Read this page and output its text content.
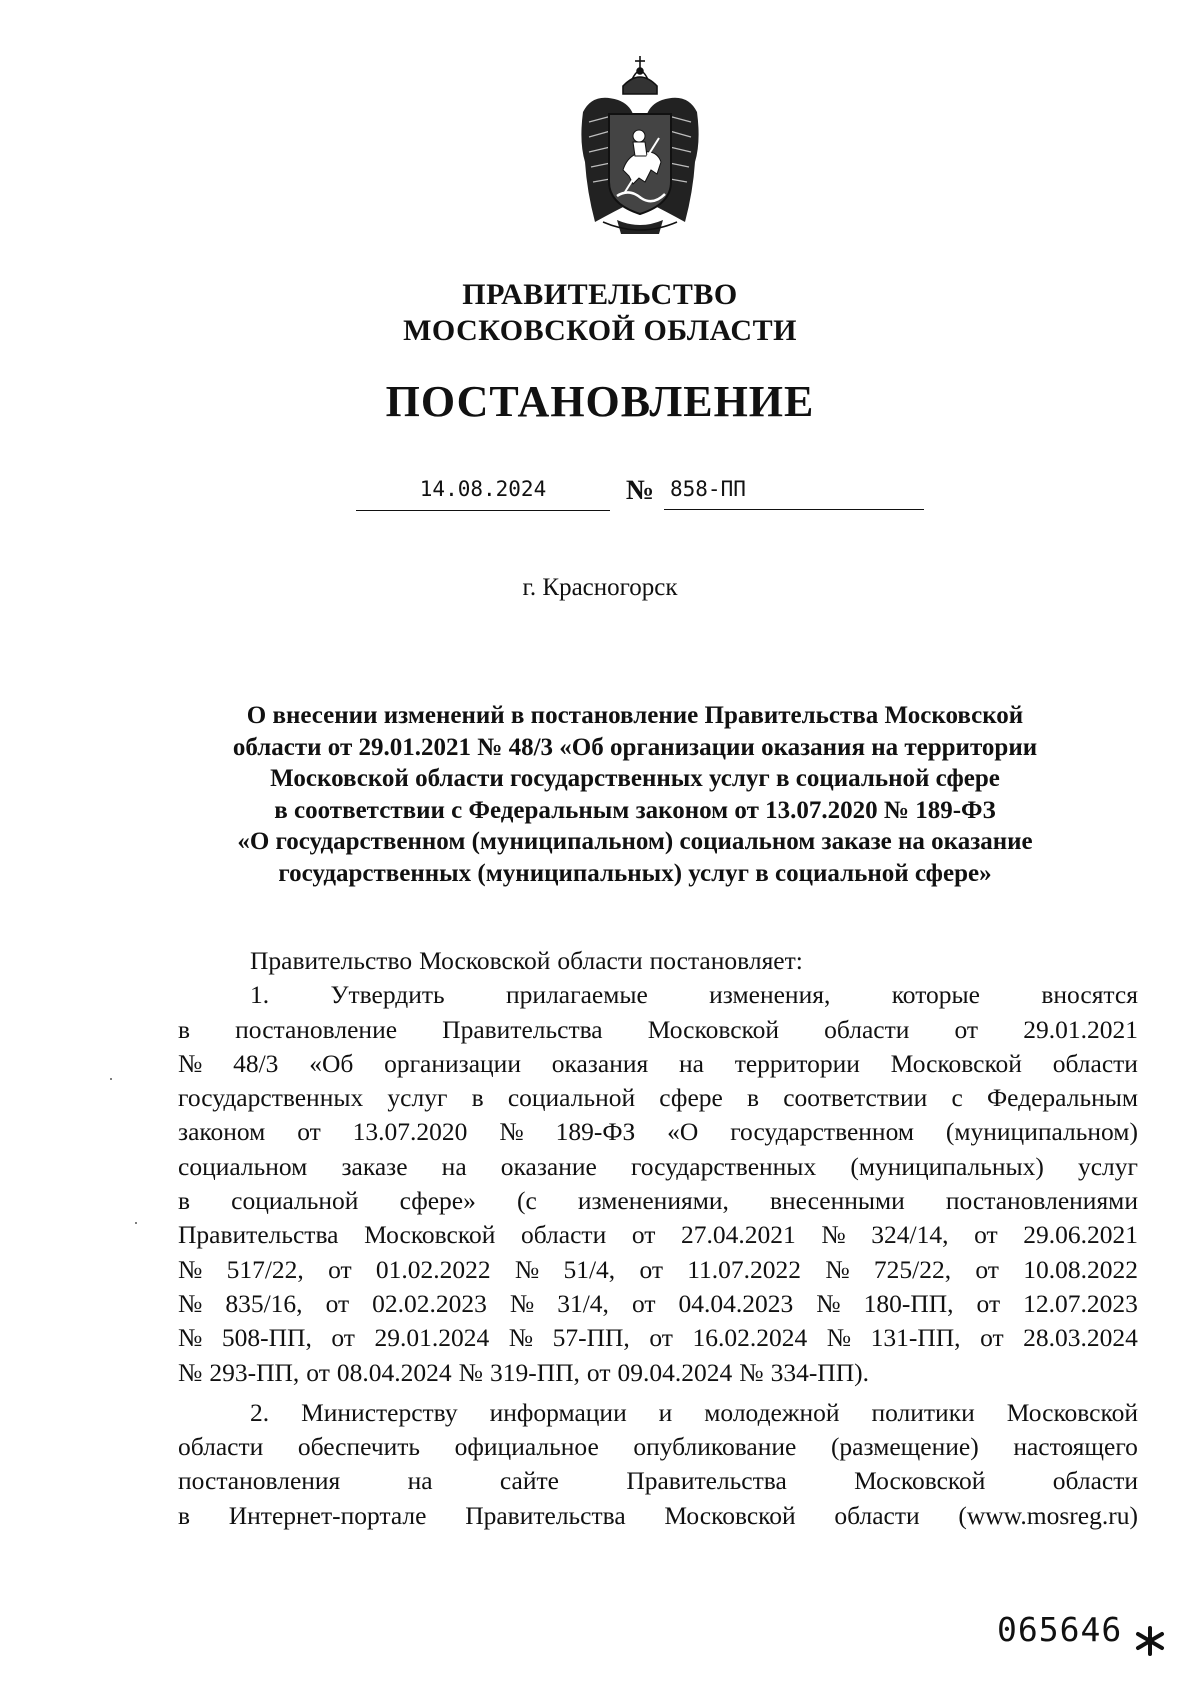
ПРАВИТЕЛЬСТВО
МОСКОВСКОЙ ОБЛАСТИ
ПОСТАНОВЛЕНИЕ
14.08.2024	№ 858-ПП
г. Красногорск
О внесении изменений в постановление Правительства Московской
области от 29.01.2021 № 48/3 «Об организации оказания на территории
Московской области государственных услуг в социальной сфере
в соответствии с Федеральным законом от 13.07.2020 № 189-ФЗ
«О государственном (муниципальном) социальном заказе на оказание
государственных (муниципальных) услуг в социальной сфере»
Правительство Московской области постановляет:
1. Утвердить прилагаемые изменения, которые вносятся
в постановление Правительства Московской области от 29.01.2021
№ 48/3 «Об организации оказания на территории Московской области
государственных услуг в социальной сфере в соответствии с Федеральным
законом от 13.07.2020 № 189-ФЗ «О государственном (муниципальном)
социальном заказе на оказание государственных (муниципальных) услуг
в социальной сфере» (с изменениями, внесенными постановлениями
Правительства Московской области от 27.04.2021 № 324/14, от 29.06.2021
№ 517/22, от 01.02.2022 № 51/4, от 11.07.2022 № 725/22, от 10.08.2022
№ 835/16, от 02.02.2023 № 31/4, от 04.04.2023 № 180-ПП, от 12.07.2023
№ 508-ПП, от 29.01.2024 № 57-ПП, от 16.02.2024 № 131-ПП, от 28.03.2024
№ 293-ПП, от 08.04.2024 № 319-ПП, от 09.04.2024 № 334-ПП).
2. Министерству информации и молодежной политики Московской
области обеспечить официальное опубликование (размещение) настоящего
постановления	на	сайте	Правительства	Московской	области
в Интернет-портале Правительства Московской области (www.mosreg.ru)
065646
